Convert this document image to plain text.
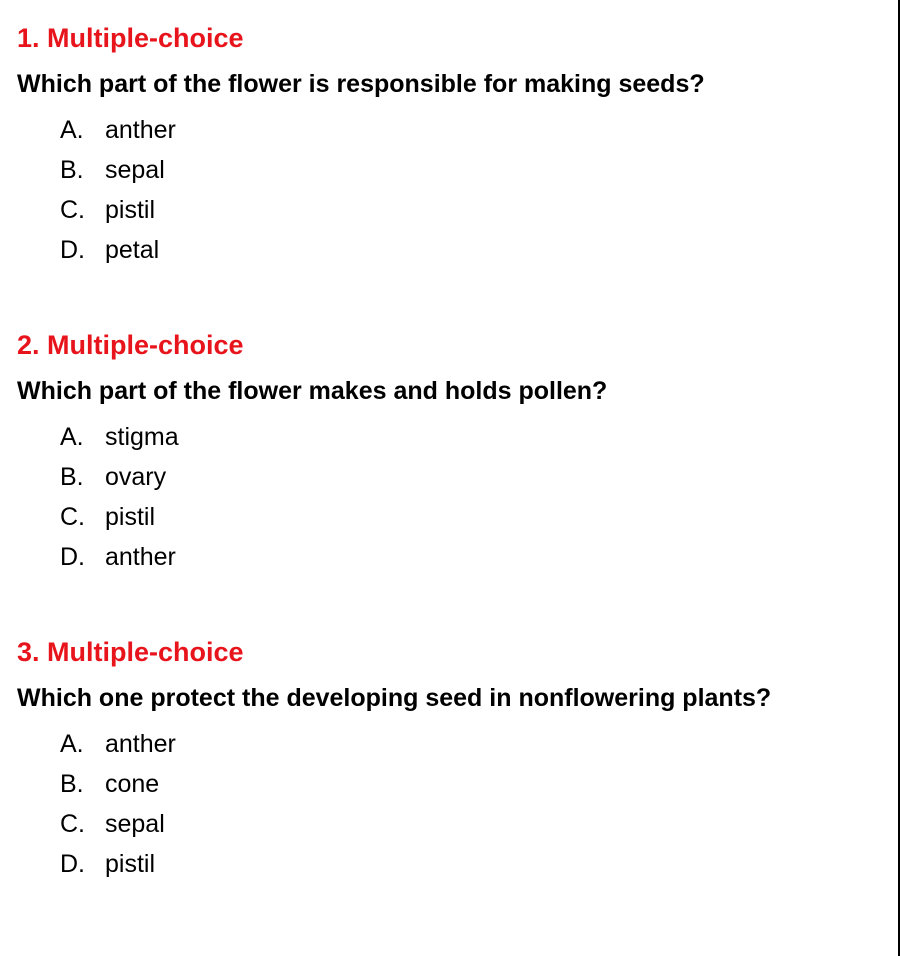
1. Multiple-choice
Which part of the flower is responsible for making seeds?
A. anther
B. sepal
C. pistil
D. petal
2. Multiple-choice
Which part of the flower makes and holds pollen?
A. stigma
B. ovary
C. pistil
D. anther
3. Multiple-choice
Which one protect the developing seed in nonflowering plants?
A. anther
B. cone
C. sepal
D. pistil
